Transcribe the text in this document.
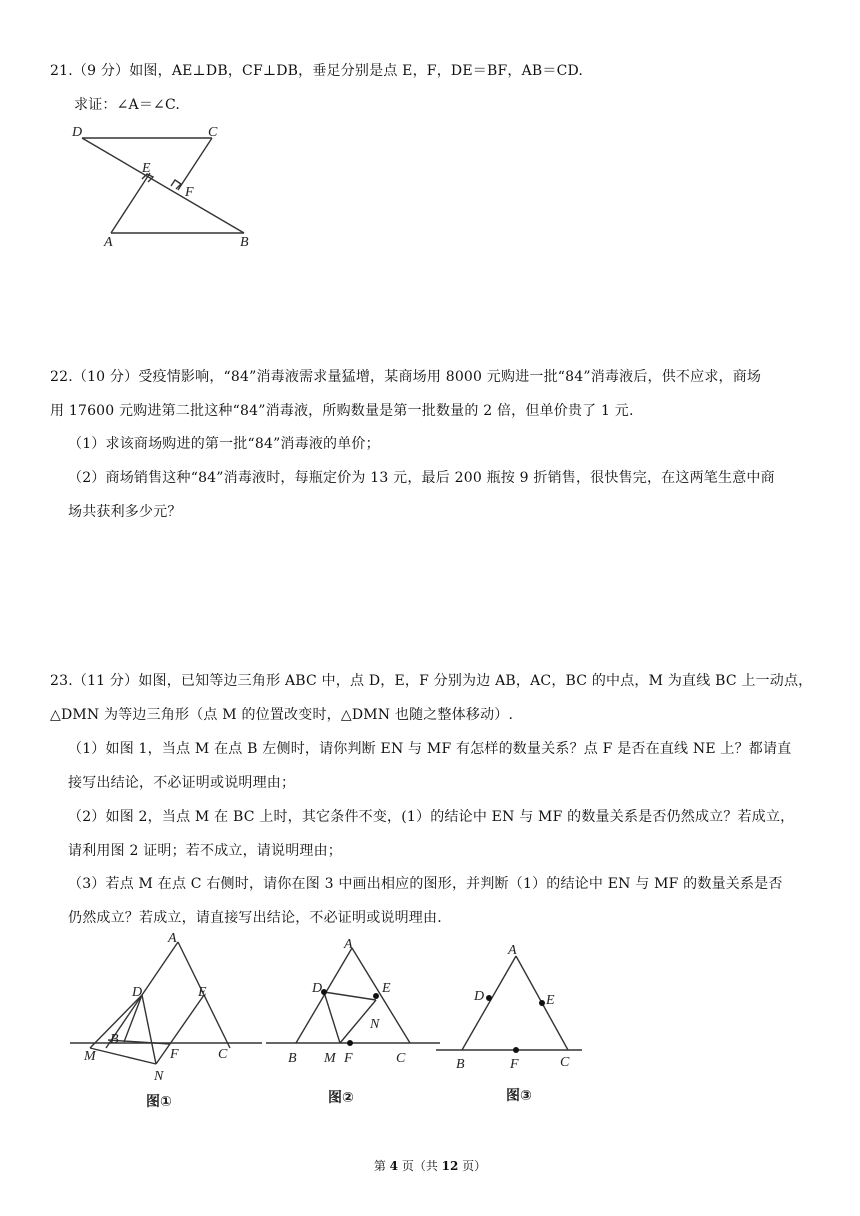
21.（9 分）如图，AE⊥DB，CF⊥DB，垂足分别是点 E，F，DE＝BF，AB＝CD.
求证：∠A＝∠C.
D	C
E
F
A	B
22.（10 分）受疫情影响，“84”消毒液需求量猛增，某商场用 8000 元购进一批“84”消毒液后，供不应求，商场
用 17600 元购进第二批这种“84”消毒液，所购数量是第一批数量的 2 倍，但单价贵了 1 元.
（1）求该商场购进的第一批“84”消毒液的单价；
（2）商场销售这种“84”消毒液时，每瓶定价为 13 元，最后 200 瓶按 9 折销售，很快售完，在这两笔生意中商
场共获利多少元？
23.（11 分）如图，已知等边三角形 ABC 中，点 D，E，F 分别为边 AB，AC，BC 的中点，M 为直线 BC 上一动点，
△DMN 为等边三角形（点 M 的位置改变时，△DMN 也随之整体移动）.
（1）如图 1，当点 M 在点 B 左侧时，请你判断 EN 与 MF 有怎样的数量关系？点 F 是否在直线 NE 上？都请直
接写出结论，不必证明或说明理由；
（2）如图 2，当点 M 在 BC 上时，其它条件不变，(1）的结论中 EN 与 MF 的数量关系是否仍然成立？若成立，
请利用图 2 证明；若不成立，请说明理由；
（3）若点 M 在点 C 右侧时，请你在图 3 中画出相应的图形，并判断（1）的结论中 EN 与 MF 的数量关系是否
仍然成立？若成立，请直接写出结论，不必证明或说明理由.
A
D	E
B
M	F	C
N
图①
A
D	E
N
B M F	C
图②
A
D	E
B	F	C
图③
第 4 页（共 12 页）
